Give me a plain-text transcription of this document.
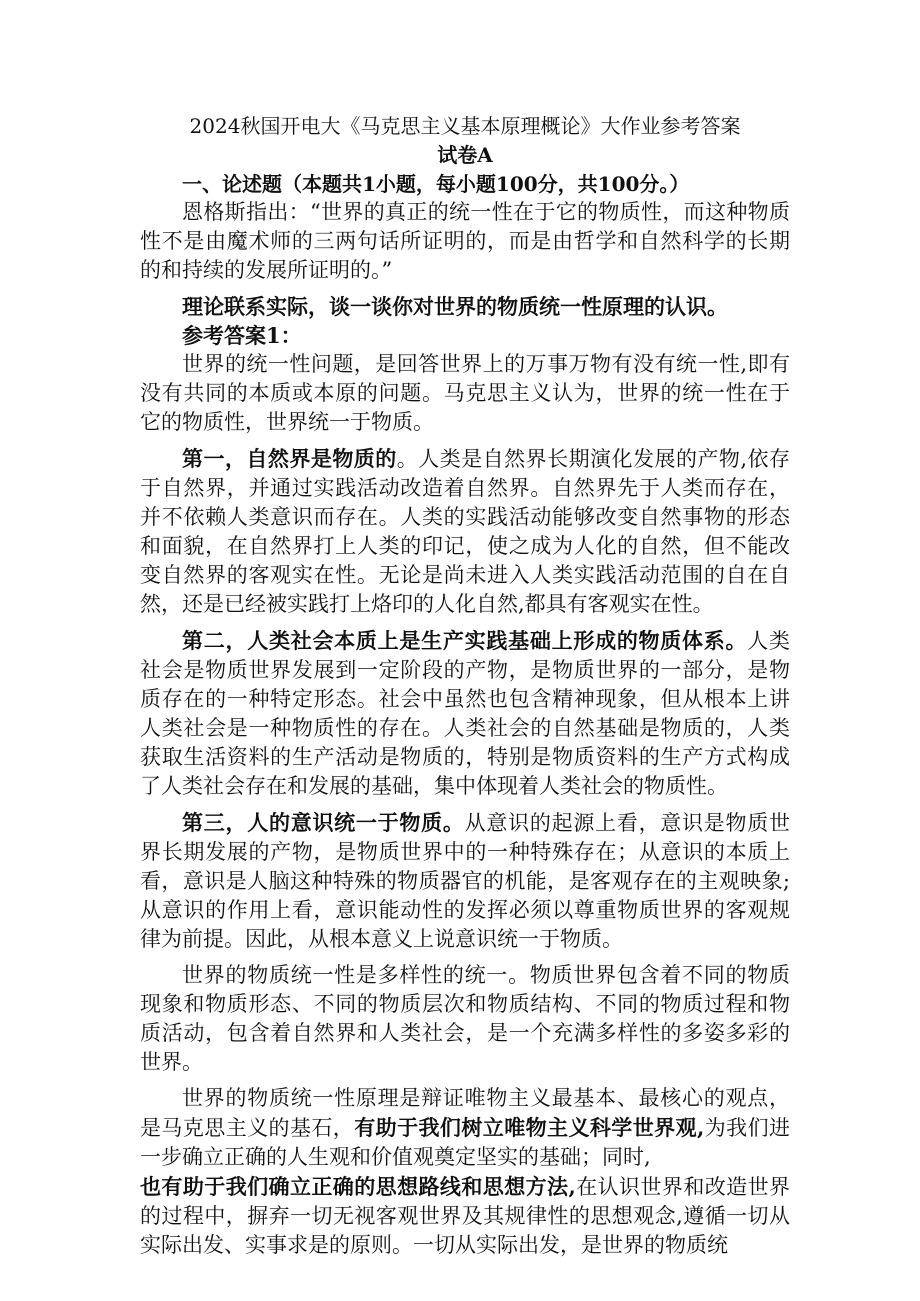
2024秋国开电大《马克思主义基本原理概论》大作业参考答案
试卷A
一、论述题（本题共1小题，每小题100分，共100分。）

恩格斯指出：“世界的真正的统一性在于它的物质性，而这种物质性不是由魔术师的三两句话所证明的，而是由哲学和自然科学的长期的和持续的发展所证明的。”

理论联系实际，谈一谈你对世界的物质统一性原理的认识。

参考答案1：

世界的统一性问题，是回答世界上的万事万物有没有统一性,即有没有共同的本质或本原的问题。马克思主义认为，世界的统一性在于它的物质性，世界统一于物质。

第一，自然界是物质的。人类是自然界长期演化发展的产物,依存于自然界，并通过实践活动改造着自然界。自然界先于人类而存在，并不依赖人类意识而存在。人类的实践活动能够改变自然事物的形态和面貌，在自然界打上人类的印记，使之成为人化的自然，但不能改变自然界的客观实在性。无论是尚未进入人类实践活动范围的自在自然，还是已经被实践打上烙印的人化自然,都具有客观实在性。

第二，人类社会本质上是生产实践基础上形成的物质体系。人类社会是物质世界发展到一定阶段的产物，是物质世界的一部分，是物质存在的一种特定形态。社会中虽然也包含精神现象，但从根本上讲人类社会是一种物质性的存在。人类社会的自然基础是物质的，人类获取生活资料的生产活动是物质的，特别是物质资料的生产方式构成了人类社会存在和发展的基础，集中体现着人类社会的物质性。

第三，人的意识统一于物质。从意识的起源上看，意识是物质世界长期发展的产物，是物质世界中的一种特殊存在；从意识的本质上看，意识是人脑这种特殊的物质器官的机能，是客观存在的主观映象;从意识的作用上看，意识能动性的发挥必须以尊重物质世界的客观规律为前提。因此，从根本意义上说意识统一于物质。

世界的物质统一性是多样性的统一。物质世界包含着不同的物质现象和物质形态、不同的物质层次和物质结构、不同的物质过程和物质活动，包含着自然界和人类社会，是一个充满多样性的多姿多彩的世界。

世界的物质统一性原理是辩证唯物主义最基本、最核心的观点，是马克思主义的基石，有助于我们树立唯物主义科学世界观,为我们进一步确立正确的人生观和价值观奠定坚实的基础；同时,

也有助于我们确立正确的思想路线和思想方法,在认识世界和改造世界的过程中，摒弃一切无视客观世界及其规律性的思想观念,遵循一切从实际出发、实事求是的原则。一切从实际出发，是世界的物质统
